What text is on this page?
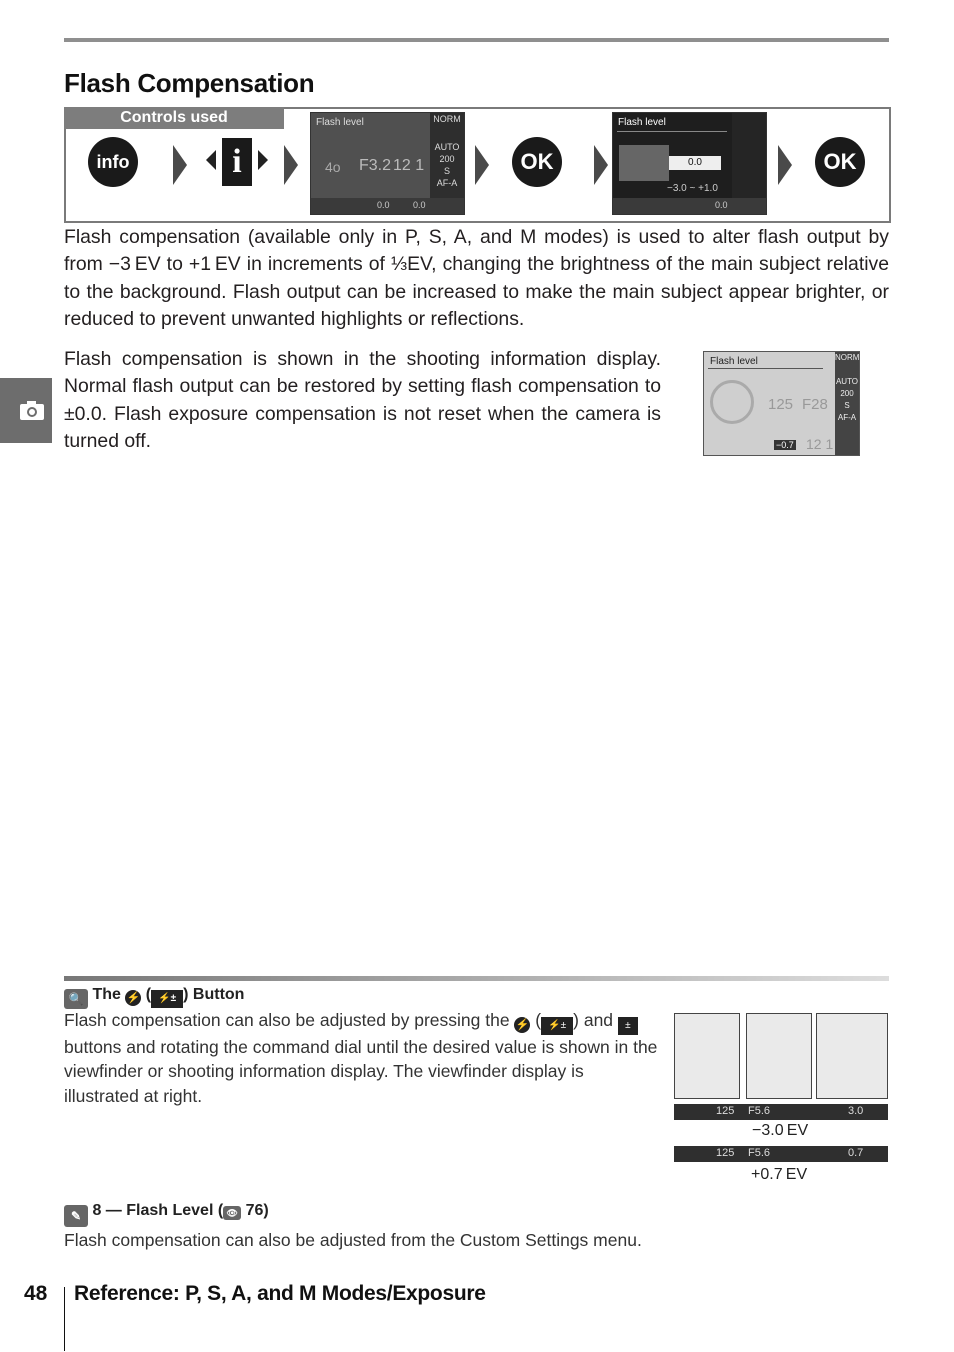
Flash Compensation
Controls used
info	i
Flash level
4o F3.2 12 1
NORM
AUTO
200
S
AF-A
0.0	0.0
OK
Flash level
0.0
−3.0 ~ +1.0
0.0
OK
Flash compensation (available only in P, S, A, and M modes) is used to alter flash output by from −3 EV to +1 EV in increments of ⅓EV, changing the brightness of the main subject relative to the background. Flash output can be increased to make the main subject appear brighter, or reduced to prevent unwanted highlights or reflections.
Flash compensation is shown in the shooting information display. Normal flash output can be restored by setting flash compensation to ±0.0. Flash exposure compensation is not reset when the camera is turned off.
Flash level
125 F28
12 1
−0.7
NORM
AUTO
200
S
AF-A
🔍 The ⚡ ( ⚡± ) Button
Flash compensation can also be adjusted by pressing the ⚡ ( ⚡± ) and ± buttons and rotating the command dial until the desired value is shown in the viewfinder or shooting information display. The viewfinder display is illustrated at right.
125 F5.6	3.0
−3.0 EV
125 F5.6	0.7
+0.7 EV
✎ 8 — Flash Level ( 👁 76)
Flash compensation can also be adjusted from the Custom Settings menu.
48 Reference: P, S, A, and M Modes/Exposure
